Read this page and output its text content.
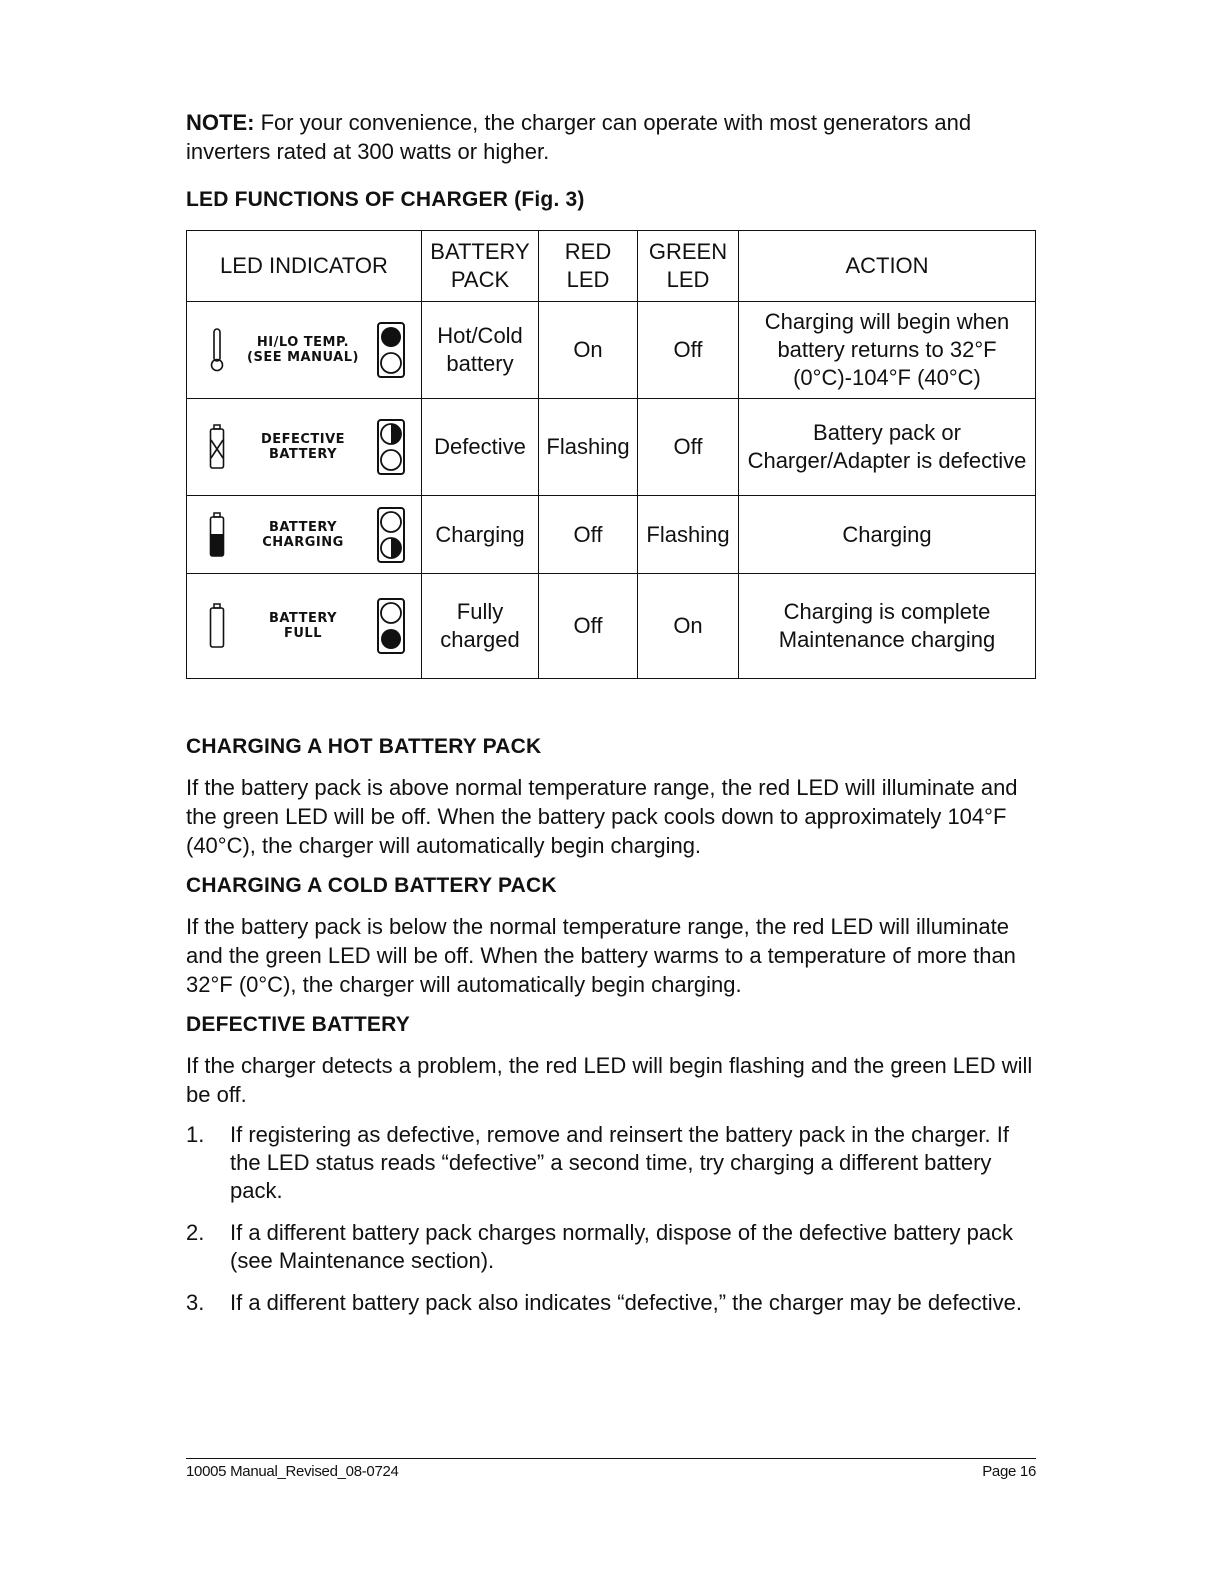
NOTE: For your convenience, the charger can operate with most generators and inverters rated at 300 watts or higher.

LED FUNCTIONS OF CHARGER (Fig. 3)
LED INDICATOR	BATTERY PACK	RED LED	GREEN LED	ACTION

HI/LO TEMP.
(SEE MANUAL)	Hot/Cold battery	On	Off	Charging will begin when battery returns to 32°F (0°C)-104°F (40°C)

DEFECTIVE
BATTERY	Defective	Flashing	Off	Battery pack or Charger/Adapter is defective

BATTERY
CHARGING	Charging	Off	Flashing	Charging

BATTERY
FULL	Fully charged	Off	On	Charging is complete Maintenance charging
CHARGING A HOT BATTERY PACK

If the battery pack is above normal temperature range, the red LED will illuminate and the green LED will be off. When the battery pack cools down to approximately 104°F (40°C), the charger will automatically begin charging.

CHARGING A COLD BATTERY PACK

If the battery pack is below the normal temperature range, the red LED will illuminate and the green LED will be off. When the battery warms to a temperature of more than 32°F (0°C), the charger will automatically begin charging.

DEFECTIVE BATTERY

If the charger detects a problem, the red LED will begin flashing and the green LED will be off.

1.	If registering as defective, remove and reinsert the battery pack in the charger. If the LED status reads “defective” a second time, try charging a different battery pack.
2.	If a different battery pack charges normally, dispose of the defective battery pack (see Maintenance section).
3.	If a different battery pack also indicates “defective,” the charger may be defective.
10005 Manual_Revised_08-0724	Page 16
